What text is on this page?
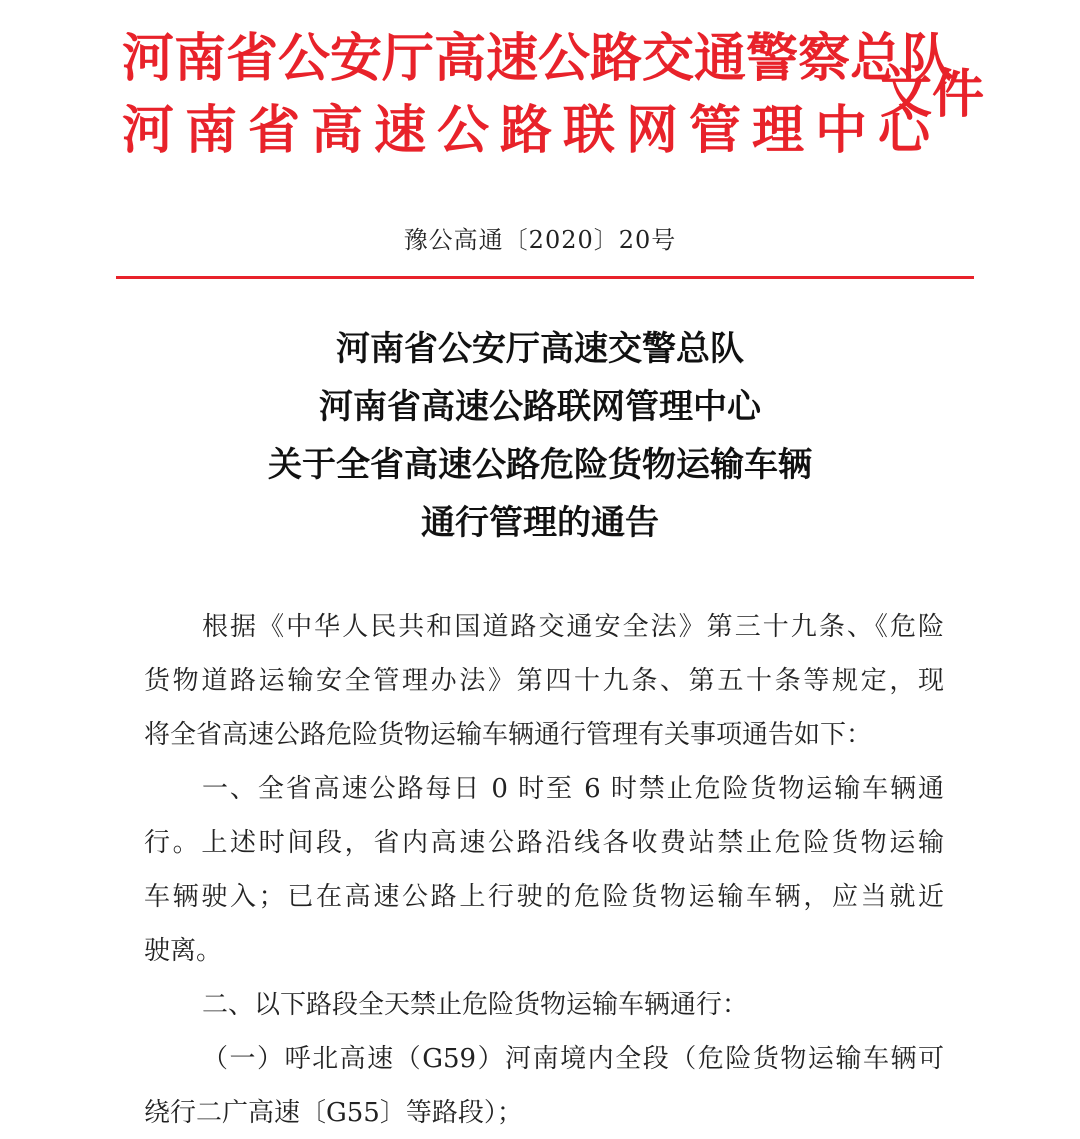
河南省公安厅高速公路交通警察总队
河南省高速公路联网管理中心
文件
豫公高通〔2020〕20号
河南省公安厅高速交警总队
河南省高速公路联网管理中心
关于全省高速公路危险货物运输车辆
通行管理的通告
根据《中华人民共和国道路交通安全法》第三十九条、《危险
货物道路运输安全管理办法》第四十九条、第五十条等规定，现
将全省高速公路危险货物运输车辆通行管理有关事项通告如下：
一、全省高速公路每日 0 时至 6 时禁止危险货物运输车辆通
行。上述时间段，省内高速公路沿线各收费站禁止危险货物运输
车辆驶入；已在高速公路上行驶的危险货物运输车辆，应当就近
驶离。
二、以下路段全天禁止危险货物运输车辆通行：
（一）呼北高速（G59）河南境内全段（危险货物运输车辆可
绕行二广高速〔G55〕等路段）；
